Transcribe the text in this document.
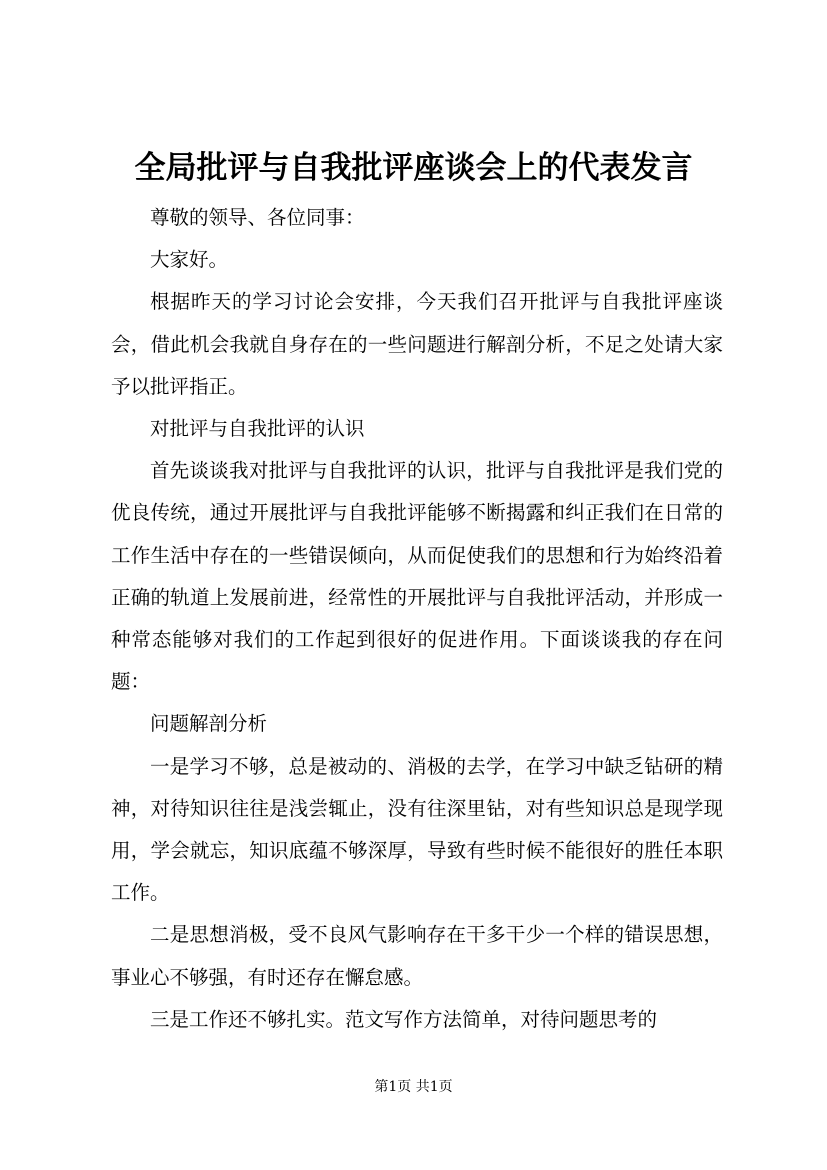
全局批评与自我批评座谈会上的代表发言

尊敬的领导、各位同事：

大家好。

根据昨天的学习讨论会安排，今天我们召开批评与自我批评座谈会，借此机会我就自身存在的一些问题进行解剖分析，不足之处请大家予以批评指正。

对批评与自我批评的认识

首先谈谈我对批评与自我批评的认识，批评与自我批评是我们党的优良传统，通过开展批评与自我批评能够不断揭露和纠正我们在日常的工作生活中存在的一些错误倾向，从而促使我们的思想和行为始终沿着正确的轨道上发展前进，经常性的开展批评与自我批评活动，并形成一种常态能够对我们的工作起到很好的促进作用。下面谈谈我的存在问题：

问题解剖分析

一是学习不够，总是被动的、消极的去学，在学习中缺乏钻研的精神，对待知识往往是浅尝辄止，没有往深里钻，对有些知识总是现学现用，学会就忘，知识底蕴不够深厚，导致有些时候不能很好的胜任本职工作。

二是思想消极，受不良风气影响存在干多干少一个样的错误思想，事业心不够强，有时还存在懈怠感。

三是工作还不够扎实。范文写作方法简单，对待问题思考的

第1页 共1页
